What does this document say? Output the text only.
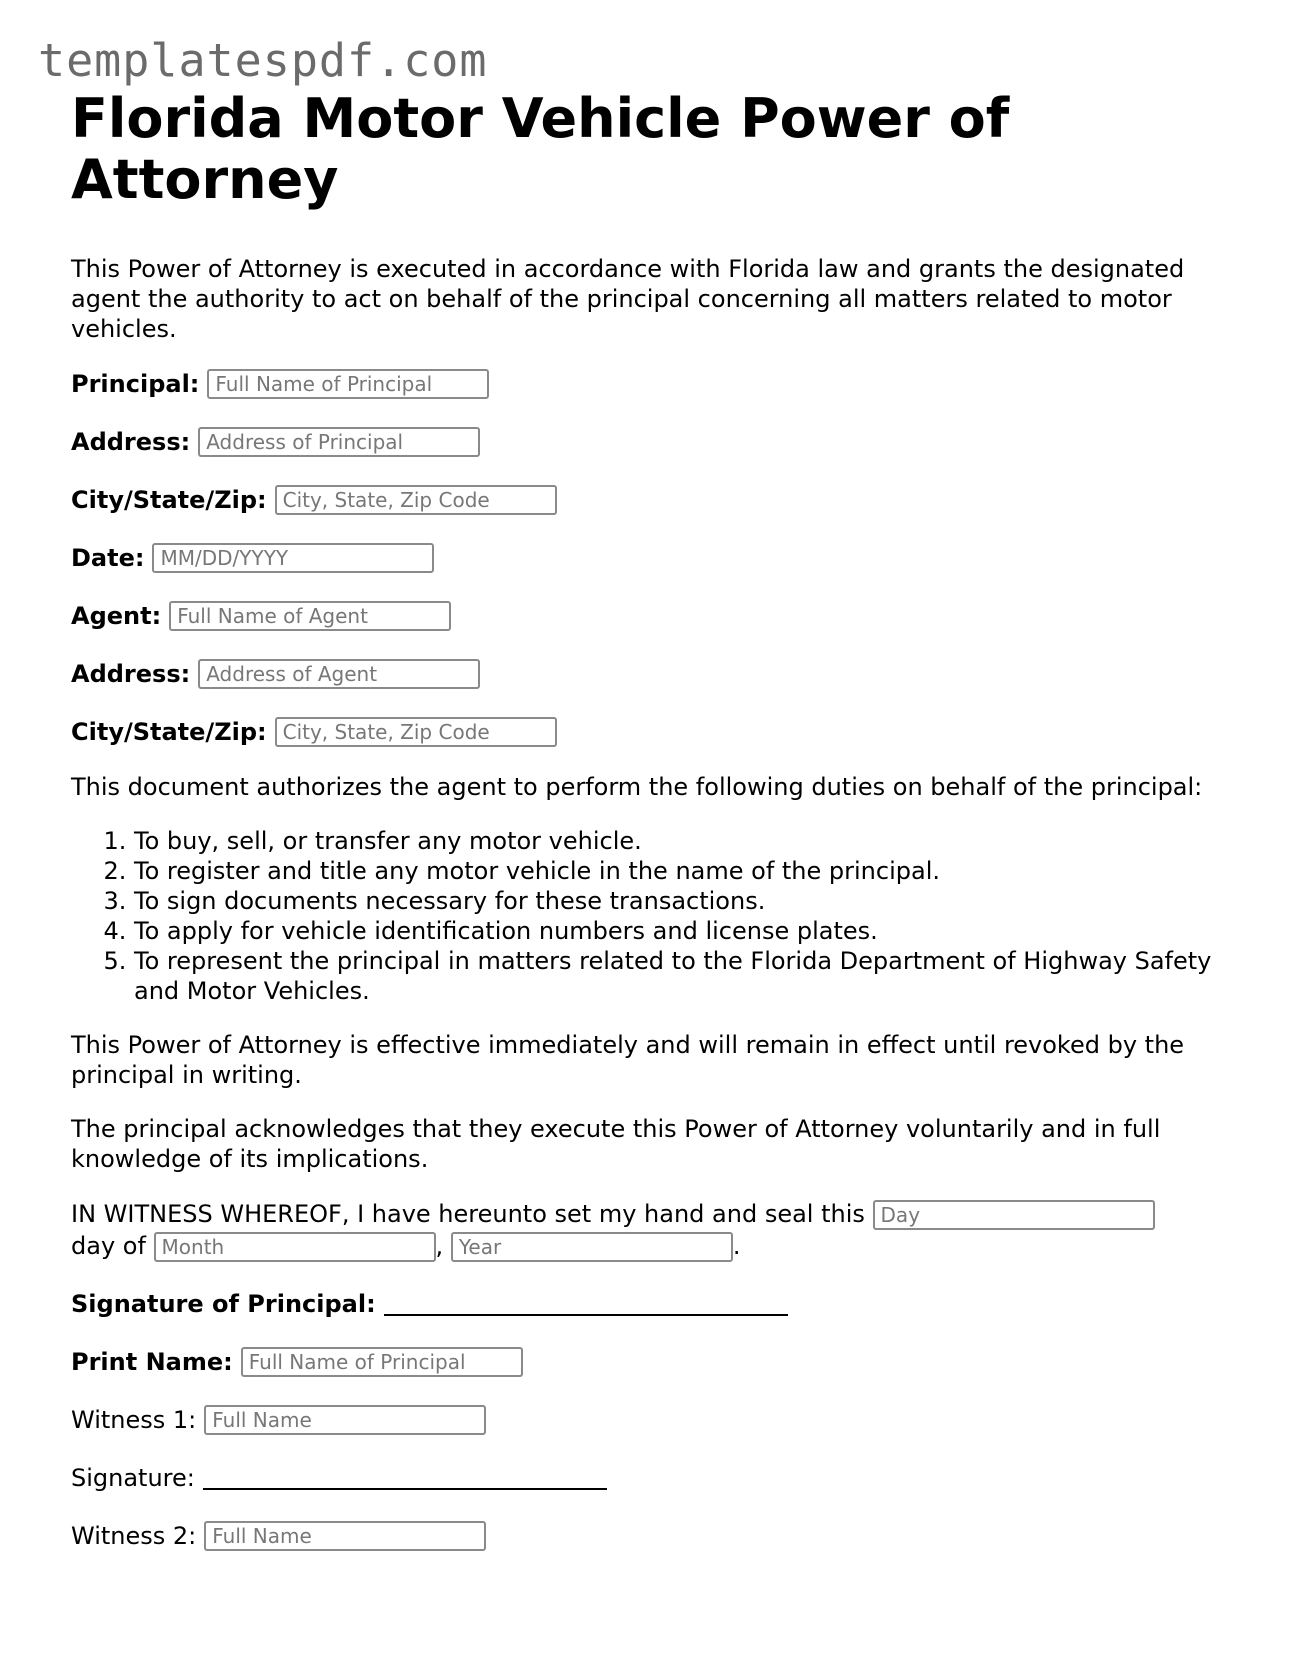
templatespdf.com
Florida Motor Vehicle Power of Attorney

This Power of Attorney is executed in accordance with Florida law and grants the designated agent the authority to act on behalf of the principal concerning all matters related to motor vehicles.

Principal: Full Name of Principal
Address: Address of Principal
City/State/Zip: City, State, Zip Code
Date: MM/DD/YYYY
Agent: Full Name of Agent
Address: Address of Agent
City/State/Zip: City, State, Zip Code

This document authorizes the agent to perform the following duties on behalf of the principal:

1. To buy, sell, or transfer any motor vehicle.
2. To register and title any motor vehicle in the name of the principal.
3. To sign documents necessary for these transactions.
4. To apply for vehicle identification numbers and license plates.
5. To represent the principal in matters related to the Florida Department of Highway Safety and Motor Vehicles.

This Power of Attorney is effective immediately and will remain in effect until revoked by the principal in writing.

The principal acknowledges that they execute this Power of Attorney voluntarily and in full knowledge of its implications.

IN WITNESS WHEREOF, I have hereunto set my hand and seal this Day
day of Month	, Year	.
Signature of Principal:
Print Name: Full Name of Principal
Witness 1: Full Name
Signature:
Witness 2: Full Name
